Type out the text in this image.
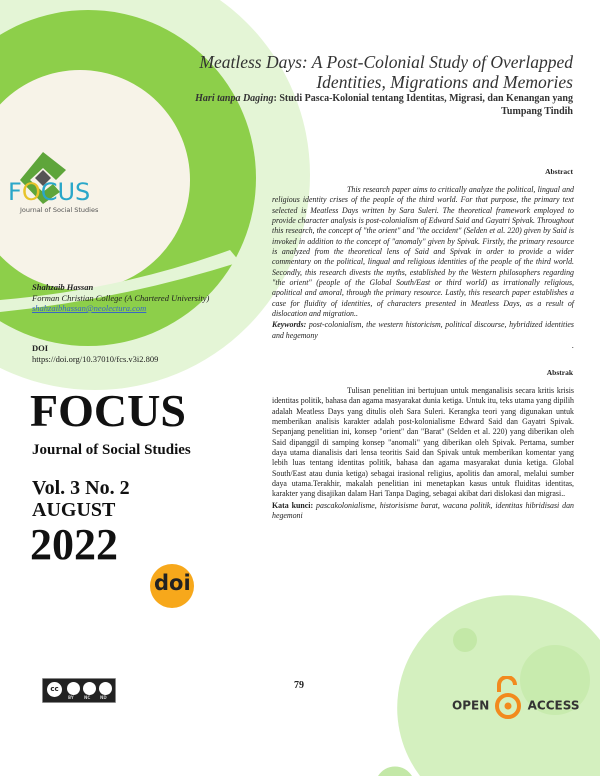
Meatless Days: A Post-Colonial Study of Overlapped
Identities, Migrations and Memories
Hari tanpa Daging: Studi Pasca-Kolonial tentang Identitas, Migrasi, dan Kenangan yang Tumpang Tindih
FOCUS
Journal of Social Studies
Shahzaib Hassan
Forman Christian College (A Chartered University)
shahzaibhassan@neolectura.com
DOI
https://doi.org/10.37010/fcs.v3i2.809
FOCUS
Journal of Social Studies
Vol. 3 No. 2
AUGUST
2022
doi
Abstract

This research paper aims to critically analyze the political, lingual and religious identity crises of the people of the third world. For that purpose, the primary text selected is Meatless Days written by Sara Suleri. The theoretical framework employed to provide character analysis is post-colonialism of Edward Said and Gayatri Spivak. Throughout this research, the concept of "the orient" and "the occident" (Selden et al. 220) given by Said is invoked in addition to the concept of "anomaly" given by Spivak. Firstly, the primary resource is analyzed from the theoretical lens of Said and Spivak in order to provide a wider commentary on the political, lingual and religious identities of the people of the third world. Secondly, this research divests the myths, established by the Western philosophers regarding "the orient" (people of the Global South/East or third world) as irrationally religious, apolitical and amoral, through the primary resource. Lastly, this research paper establishes a case for fluidity of identities, of characters presented in Meatless Days, as a result of dislocation and migration..

Keywords: post-colonialism, the western historicism, political discourse, hybridized identities and hegemony
.
Abstrak

Tulisan penelitian ini bertujuan untuk menganalisis secara kritis krisis identitas politik, bahasa dan agama masyarakat dunia ketiga. Untuk itu, teks utama yang dipilih adalah Meatless Days yang ditulis oleh Sara Suleri. Kerangka teori yang digunakan untuk memberikan analisis karakter adalah post-kolonialisme Edward Said dan Gayatri Spivak. Sepanjang penelitian ini, konsep "orient" dan "Barat" (Selden et al. 220) yang diberikan oleh Said dipanggil di samping konsep "anomali" yang diberikan oleh Spivak. Pertama, sumber daya utama dianalisis dari lensa teoritis Said dan Spivak untuk memberikan komentar yang lebih luas tentang identitas politik, bahasa dan agama masyarakat dunia ketiga. Global South/East atau dunia ketiga) sebagai irasional religius, apolitis dan amoral, melalui sumber daya utama.Terakhir, makalah penelitian ini menetapkan kasus untuk fluiditas identitas, karakter yang disajikan dalam Hari Tanpa Daging, sebagai akibat dari dislokasi dan migrasi..

Kata kunci: pascakolonialisme, historisisme barat, wacana politik, identitas hibridisasi dan hegemoni
cc
BY	NC ND
79
OPEN	ACCESS
